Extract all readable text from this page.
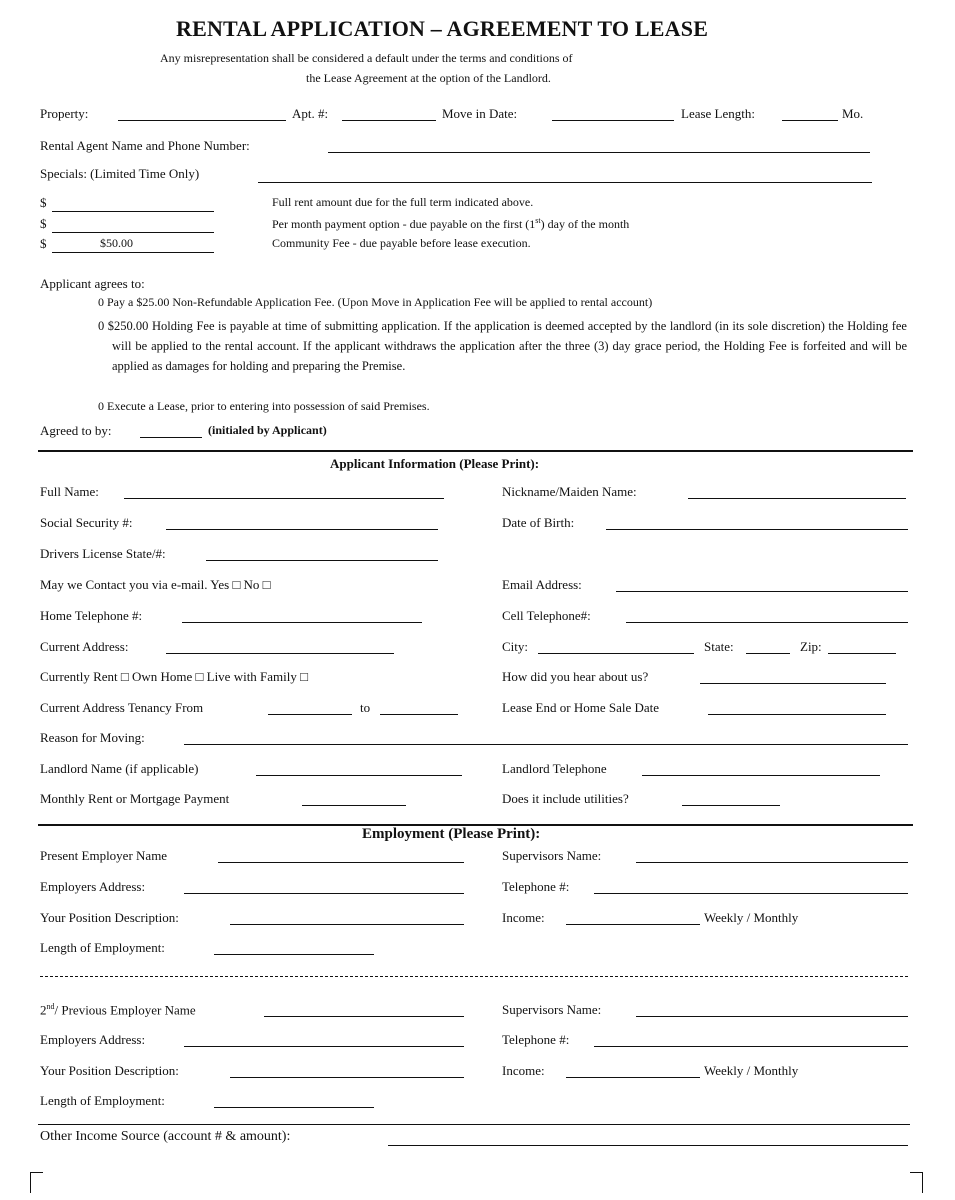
RENTAL APPLICATION – AGREEMENT TO LEASE
Any misrepresentation shall be considered a default under the terms and conditions of
the Lease Agreement at the option of the Landlord.
Property:	Apt. #:	Move in Date:	Lease Length:	Mo.
Rental Agent Name and Phone Number:
Specials: (Limited Time Only)
$	Full rent amount due for the full term indicated above.
$	Per month payment option - due payable on the first (1st) day of the month
$	$50.00	Community Fee - due payable before lease execution.
Applicant agrees to:
0 Pay a $25.00 Non-Refundable Application Fee. (Upon Move in Application Fee will be applied to rental account)
0 $250.00 Holding Fee is payable at time of submitting application. If the application is deemed accepted by the landlord (in its sole discretion) the Holding fee will be applied to the rental account. If the applicant withdraws the application after the three (3) day grace period, the Holding Fee is forfeited and will be applied as damages for holding and preparing the Premise.
0 Execute a Lease, prior to entering into possession of said Premises.
Agreed to by:	(initialed by Applicant)
Applicant Information (Please Print):
Full Name:	Nickname/Maiden Name:
Social Security #:	Date of Birth:
Drivers License State/#:
May we Contact you via e-mail. Yes □ No □	Email Address:
Home Telephone #:	Cell Telephone#:
Current Address:	City:	State:	Zip:
Currently Rent □ Own Home □ Live with Family □	How did you hear about us?
Current Address Tenancy From	to	Lease End or Home Sale Date
Reason for Moving:
Landlord Name (if applicable)	Landlord Telephone
Monthly Rent or Mortgage Payment	Does it include utilities?
Employment (Please Print):
Present Employer Name	Supervisors Name:
Employers Address:	Telephone #:
Your Position Description:	Income:	Weekly / Monthly
Length of Employment:
2nd/ Previous Employer Name	Supervisors Name:
Employers Address:	Telephone #:
Your Position Description:	Income:	Weekly / Monthly
Length of Employment:
Other Income Source (account # & amount):
